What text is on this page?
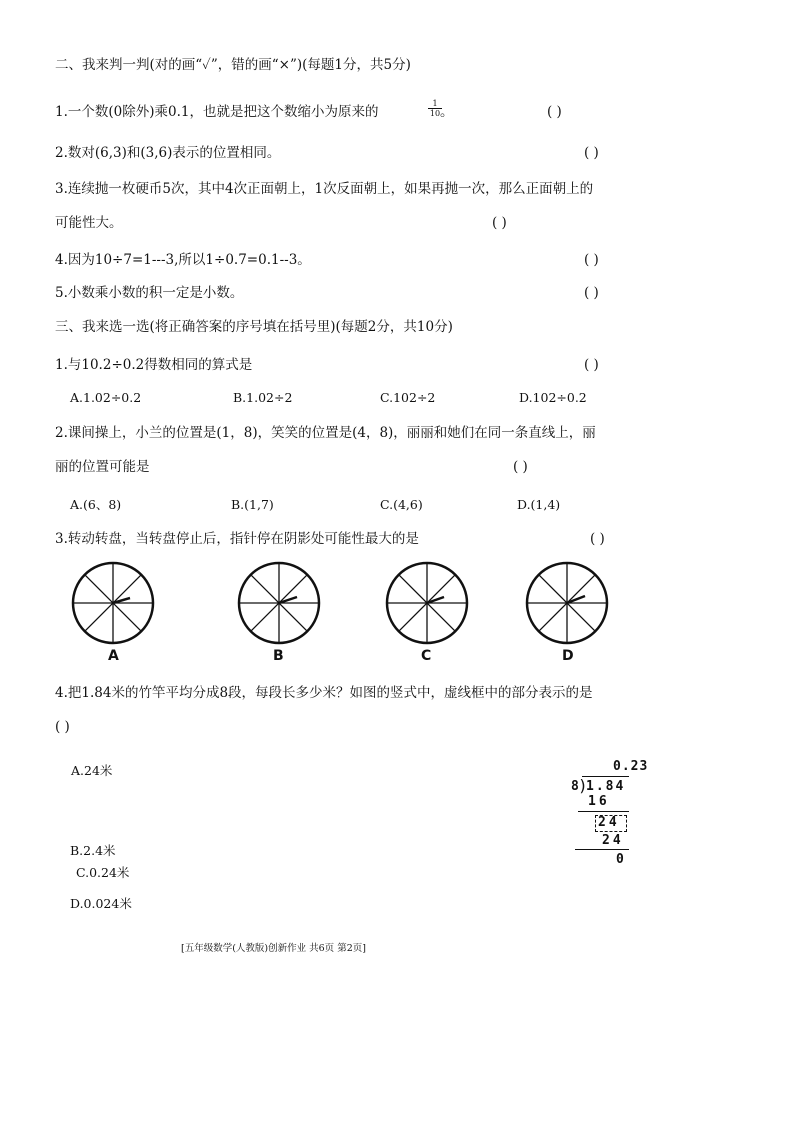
二、我来判一判(对的画“✓”，错的画“×”)(每题1分，共5分)
1.一个数(0除外)乘0.1，也就是把这个数缩小为原来的	$\frac{1}{10}$
。	( )
2.数对(6,3)和(3,6)表示的位置相同。	( )
3.连续抛一枚硬币5次，其中4次正面朝上，1次反面朝上，如果再抛一次，那么正面朝上的
可能性大。	( )
4.因为10÷7=1---3,所以1÷0.7=0.1--3。	( )
5.小数乘小数的积一定是小数。	( )
三、我来选一选(将正确答案的序号填在括号里)(每题2分，共10分)
1.与10.2÷0.2得数相同的算式是	( )
A.1.02÷0.2	B.1.02÷2	C.102÷2	D.102÷0.2
2.课间操上，小兰的位置是(1，8)，笑笑的位置是(4，8)，丽丽和她们在同一条直线上，丽
丽的位置可能是	( )
A.(6、8)	B.(1,7)	C.(4,6)	D.(1,4)
3.转动转盘，当转盘停止后，指针停在阴影处可能性最大的是	( )
A	B	C	D
4.把1.84米的竹竿平均分成8段，每段长多少米？如图的竖式中，虚线框中的部分表示的是
( )
A.24米
B.2.4米
C.0.24米
D.0.024米
0.23
8 )
1.84
16
24
24
0
[五年级数学(人教版)创新作业 共6页 第2页]
